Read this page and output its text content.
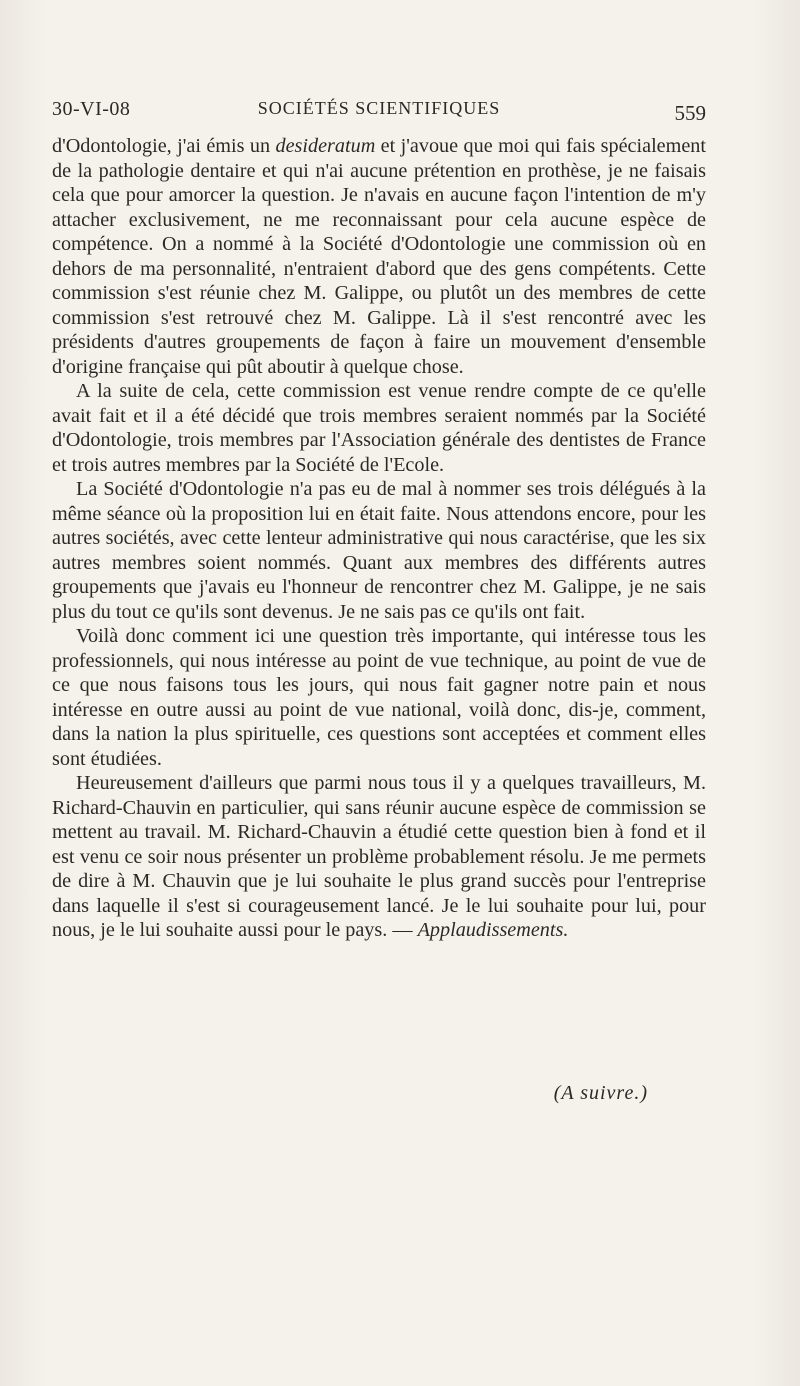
30-VI-08	SOCIÉTÉS SCIENTIFIQUES	559

d'Odontologie, j'ai émis un desideratum et j'avoue que moi qui fais spécialement de la pathologie dentaire et qui n'ai aucune prétention en prothèse, je ne faisais cela que pour amorcer la question. Je n'avais en aucune façon l'intention de m'y attacher exclusivement, ne me reconnaissant pour cela aucune espèce de compétence. On a nommé à la Société d'Odontologie une commission où en dehors de ma personnalité, n'entraient d'abord que des gens compétents. Cette commission s'est réunie chez M. Galippe, ou plutôt un des membres de cette commission s'est retrouvé chez M. Galippe. Là il s'est rencontré avec les présidents d'autres groupements de façon à faire un mouvement d'ensemble d'origine française qui pût aboutir à quelque chose.

A la suite de cela, cette commission est venue rendre compte de ce qu'elle avait fait et il a été décidé que trois membres seraient nommés par la Société d'Odontologie, trois membres par l'Association générale des dentistes de France et trois autres membres par la Société de l'Ecole.

La Société d'Odontologie n'a pas eu de mal à nommer ses trois délégués à la même séance où la proposition lui en était faite. Nous attendons encore, pour les autres sociétés, avec cette lenteur administrative qui nous caractérise, que les six autres membres soient nommés. Quant aux membres des différents autres groupements que j'avais eu l'honneur de rencontrer chez M. Galippe, je ne sais plus du tout ce qu'ils sont devenus. Je ne sais pas ce qu'ils ont fait.

Voilà donc comment ici une question très importante, qui intéresse tous les professionnels, qui nous intéresse au point de vue technique, au point de vue de ce que nous faisons tous les jours, qui nous fait gagner notre pain et nous intéresse en outre aussi au point de vue national, voilà donc, dis-je, comment, dans la nation la plus spirituelle, ces questions sont acceptées et comment elles sont étudiées.

Heureusement d'ailleurs que parmi nous tous il y a quelques travailleurs, M. Richard-Chauvin en particulier, qui sans réunir aucune espèce de commission se mettent au travail. M. Richard-Chauvin a étudié cette question bien à fond et il est venu ce soir nous présenter un problème probablement résolu. Je me permets de dire à M. Chauvin que je lui souhaite le plus grand succès pour l'entreprise dans laquelle il s'est si courageusement lancé. Je le lui souhaite pour lui, pour nous, je le lui souhaite aussi pour le pays. — Applaudissements.

(A suivre.)
